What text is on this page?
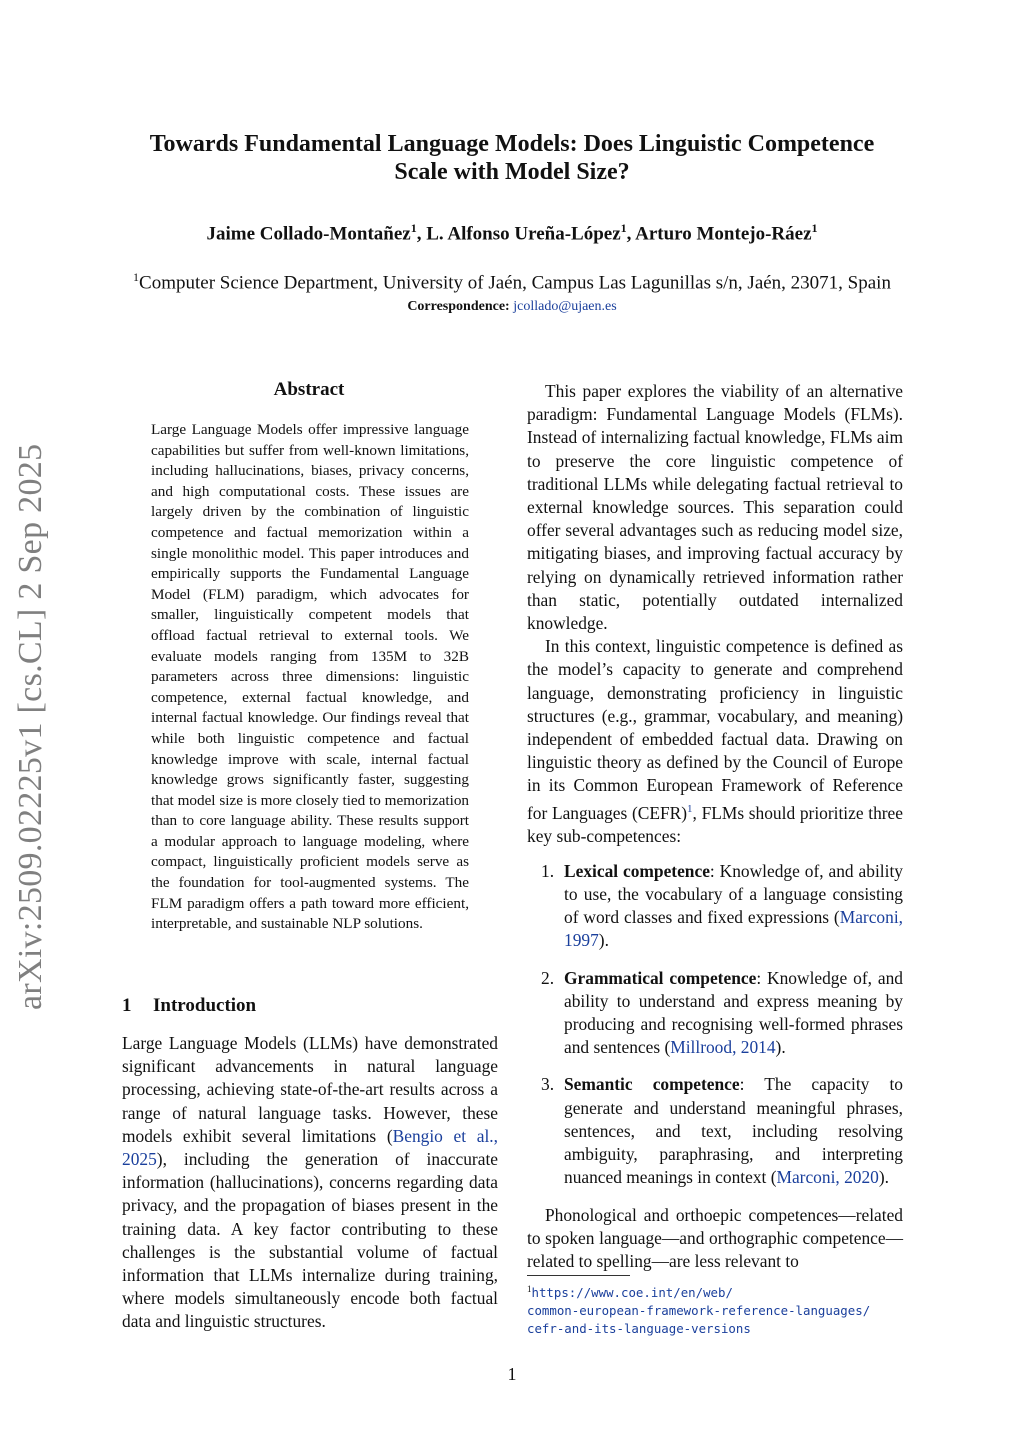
arXiv:2509.02225v1 [cs.CL] 2 Sep 2025
Towards Fundamental Language Models: Does Linguistic Competence
Scale with Model Size?
Jaime Collado-Montañez$^1$, L. Alfonso Ureña-López$^1$, Arturo Montejo-Ráez$^1$
$^1$Computer Science Department, University of Jaén, Campus Las Lagunillas s/n, Jaén, 23071, Spain
Correspondence: jcollado@ujaen.es
Abstract
Large Language Models offer impressive language capabilities but suffer from well-known limitations, including hallucinations, biases, privacy concerns, and high computational costs. These issues are largely driven by the combination of linguistic competence and factual memorization within a single monolithic model. This paper introduces and empirically supports the Fundamental Language Model (FLM) paradigm, which advocates for smaller, linguistically competent models that offload factual retrieval to external tools. We evaluate models ranging from 135M to 32B parameters across three dimensions: linguistic competence, external factual knowledge, and internal factual knowledge. Our findings reveal that while both linguistic competence and factual knowledge improve with scale, internal factual knowledge grows significantly faster, suggesting that model size is more closely tied to memorization than to core language ability. These results support a modular approach to language modeling, where compact, linguistically proficient models serve as the foundation for tool-augmented systems. The FLM paradigm offers a path toward more efficient, interpretable, and sustainable NLP solutions.
1 Introduction

Large Language Models (LLMs) have demonstrated significant advancements in natural language processing, achieving state-of-the-art results across a range of natural language tasks. However, these models exhibit several limitations (Bengio et al., 2025), including the generation of inaccurate information (hallucinations), concerns regarding data privacy, and the propagation of biases present in the training data. A key factor contributing to these challenges is the substantial volume of factual information that LLMs internalize during training, where models simultaneously encode both factual data and linguistic structures.

This paper explores the viability of an alternative paradigm: Fundamental Language Models (FLMs). Instead of internalizing factual knowledge, FLMs aim to preserve the core linguistic competence of traditional LLMs while delegating factual retrieval to external knowledge sources. This separation could offer several advantages such as reducing model size, mitigating biases, and improving factual accuracy by relying on dynamically retrieved information rather than static, potentially outdated internalized knowledge.

In this context, linguistic competence is defined as the model’s capacity to generate and comprehend language, demonstrating proficiency in linguistic structures (e.g., grammar, vocabulary, and meaning) independent of embedded factual data. Drawing on linguistic theory as defined by the Council of Europe in its Common European Framework of Reference for Languages (CEFR)$^1$, FLMs should prioritize three key sub-competences:

1. Lexical competence: Knowledge of, and ability to use, the vocabulary of a language consisting of word classes and fixed expressions (Marconi, 1997).
2. Grammatical competence: Knowledge of, and ability to understand and express meaning by producing and recognising well-formed phrases and sentences (Millrood, 2014).
3. Semantic competence: The capacity to generate and understand meaningful phrases, sentences, and text, including resolving ambiguity, paraphrasing, and interpreting nuanced meanings in context (Marconi, 2020).

Phonological and orthoepic competences—related to spoken language—and orthographic competence—related to spelling—are less relevant to

$^1$https://www.coe.int/en/web/
common-european-framework-reference-languages/
cefr-and-its-language-versions
1
